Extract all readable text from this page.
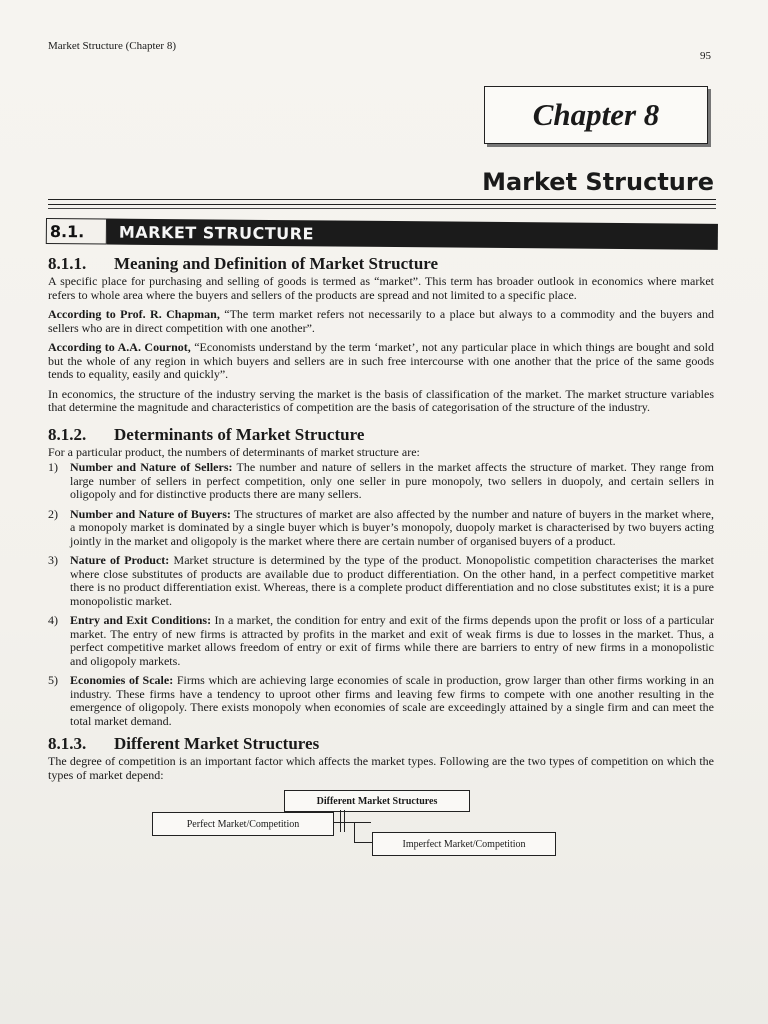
Market Structure (Chapter 8)
95
Chapter 8
Market Structure
8.1.	MARKET STRUCTURE
8.1.1.	Meaning and Definition of Market Structure

A specific place for purchasing and selling of goods is termed as “market”. This term has broader outlook in economics where market refers to whole area where the buyers and sellers of the products are spread and not limited to a specific place.

According to Prof. R. Chapman, “The term market refers not necessarily to a place but always to a commodity and the buyers and sellers who are in direct competition with one another”.

According to A.A. Cournot, “Economists understand by the term ‘market’, not any particular place in which things are bought and sold but the whole of any region in which buyers and sellers are in such free intercourse with one another that the price of the same goods tends to equality, easily and quickly”.

In economics, the structure of the industry serving the market is the basis of classification of the market. The market structure variables that determine the magnitude and characteristics of competition are the basis of categorisation of the structure of the industry.

8.1.2.	Determinants of Market Structure

For a particular product, the numbers of determinants of market structure are:

1)	Number and Nature of Sellers: The number and nature of sellers in the market affects the structure of market. They range from large number of sellers in perfect competition, only one seller in pure monopoly, two sellers in duopoly, and certain sellers in oligopoly and for distinctive products there are many sellers.
2)	Number and Nature of Buyers: The structures of market are also affected by the number and nature of buyers in the market where, a monopoly market is dominated by a single buyer which is buyer’s monopoly, duopoly market is characterised by two buyers acting jointly in the market and oligopoly is the market where there are certain number of organised buyers of a product.
3)	Nature of Product: Market structure is determined by the type of the product. Monopolistic competition characterises the market where close substitutes of products are available due to product differentiation. On the other hand, in a perfect competitive market there is no product differentiation exist. Whereas, there is a complete product differentiation and no close substitutes exist; it is a pure monopolistic market.
4)	Entry and Exit Conditions: In a market, the condition for entry and exit of the firms depends upon the profit or loss of a particular market. The entry of new firms is attracted by profits in the market and exit of weak firms is due to losses in the market. Thus, a perfect competitive market allows freedom of entry or exit of firms while there are barriers to entry of new firms in a monopolistic and oligopoly markets.
5)	Economies of Scale: Firms which are achieving large economies of scale in production, grow larger than other firms working in an industry. These firms have a tendency to uproot other firms and leaving few firms to compete with one another resulting in the emergence of oligopoly. There exists monopoly when economies of scale are exceedingly attained by a single firm and can meet the total market demand.
8.1.3.	Different Market Structures

The degree of competition is an important factor which affects the market types. Following are the two types of competition on which the types of market depend:

Different Market Structures
Perfect Market/Competition
Imperfect Market/Competition
